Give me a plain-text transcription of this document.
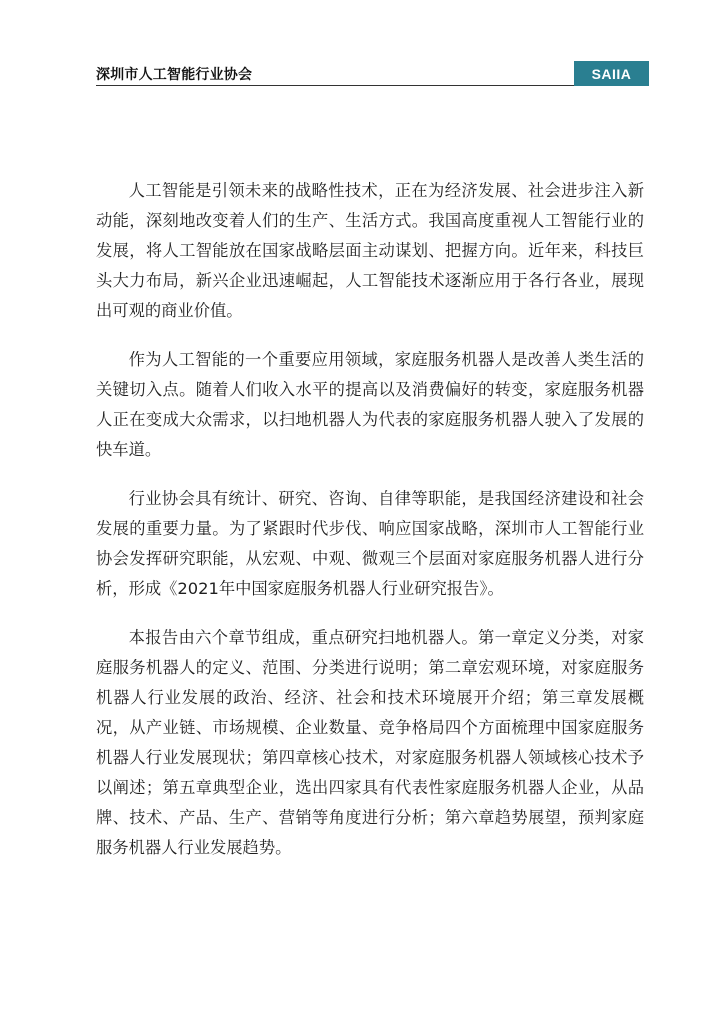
深圳市人工智能行业协会	SAIIA

人工智能是引领未来的战略性技术，正在为经济发展、社会进步注入新动能，深刻地改变着人们的生产、生活方式。我国高度重视人工智能行业的发展，将人工智能放在国家战略层面主动谋划、把握方向。近年来，科技巨头大力布局，新兴企业迅速崛起，人工智能技术逐渐应用于各行各业，展现出可观的商业价值。

作为人工智能的一个重要应用领域，家庭服务机器人是改善人类生活的关键切入点。随着人们收入水平的提高以及消费偏好的转变，家庭服务机器人正在变成大众需求，以扫地机器人为代表的家庭服务机器人驶入了发展的快车道。

行业协会具有统计、研究、咨询、自律等职能，是我国经济建设和社会发展的重要力量。为了紧跟时代步伐、响应国家战略，深圳市人工智能行业协会发挥研究职能，从宏观、中观、微观三个层面对家庭服务机器人进行分析，形成《2021年中国家庭服务机器人行业研究报告》。

本报告由六个章节组成，重点研究扫地机器人。第一章定义分类，对家庭服务机器人的定义、范围、分类进行说明；第二章宏观环境，对家庭服务机器人行业发展的政治、经济、社会和技术环境展开介绍；第三章发展概况，从产业链、市场规模、企业数量、竞争格局四个方面梳理中国家庭服务机器人行业发展现状；第四章核心技术，对家庭服务机器人领域核心技术予以阐述；第五章典型企业，选出四家具有代表性家庭服务机器人企业，从品牌、技术、产品、生产、营销等角度进行分析；第六章趋势展望，预判家庭服务机器人行业发展趋势。
